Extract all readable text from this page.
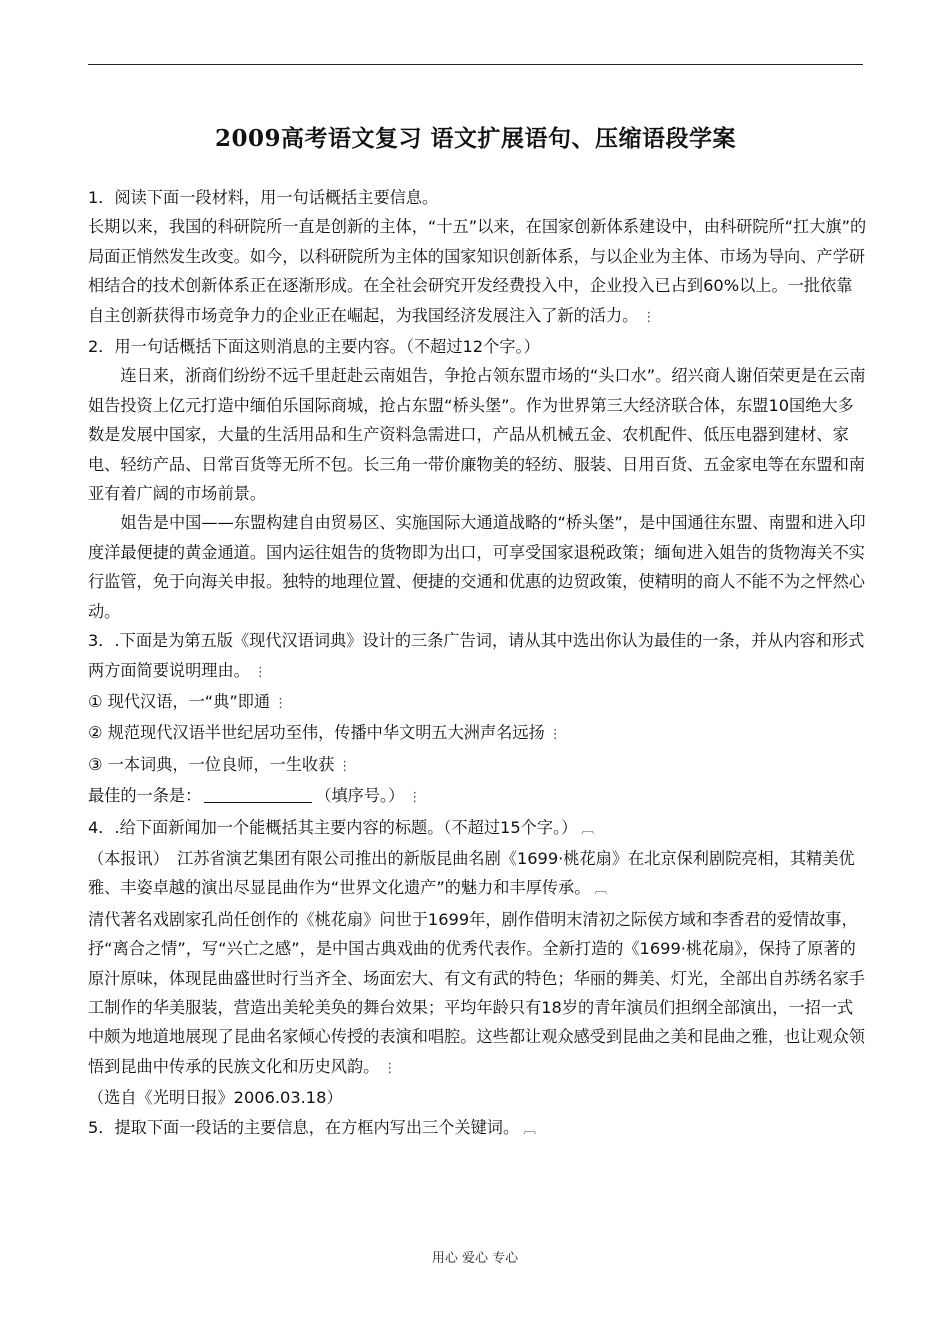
2009高考语文复习 语文扩展语句、压缩语段学案

1．阅读下面一段材料，用一句话概括主要信息。

长期以来，我国的科研院所一直是创新的主体，“十五”以来，在国家创新体系建设中，由科研院所“扛大旗”的局面正悄然发生改变。如今，以科研院所为主体的国家知识创新体系，与以企业为主体、市场为导向、产学研相结合的技术创新体系正在逐渐形成。在全社会研究开发经费投入中，企业投入已占到60%以上。一批依靠自主创新获得市场竞争力的企业正在崛起，为我国经济发展注入了新的活力。 ⋮

2．用一句话概括下面这则消息的主要内容。（不超过12个字。）

连日来，浙商们纷纷不远千里赶赴云南姐告，争抢占领东盟市场的“头口水”。绍兴商人谢佰荣更是在云南姐告投资上亿元打造中缅伯乐国际商城，抢占东盟“桥头堡”。作为世界第三大经济联合体，东盟10国绝大多数是发展中国家，大量的生活用品和生产资料急需进口，产品从机械五金、农机配件、低压电器到建材、家电、轻纺产品、日常百货等无所不包。长三角一带价廉物美的轻纺、服装、日用百货、五金家电等在东盟和南亚有着广阔的市场前景。

姐告是中国——东盟构建自由贸易区、实施国际大通道战略的“桥头堡”，是中国通往东盟、南盟和进入印度洋最便捷的黄金通道。国内运往姐告的货物即为出口，可享受国家退税政策；缅甸进入姐告的货物海关不实行监管，免于向海关申报。独特的地理位置、便捷的交通和优惠的边贸政策，使精明的商人不能不为之怦然心动。

3．.下面是为第五版《现代汉语词典》设计的三条广告词，请从其中选出你认为最佳的一条，并从内容和形式两方面简要说明理由。 ⋮

① 现代汉语，一“典”即通 ⋮

② 规范现代汉语半世纪居功至伟，传播中华文明五大洲声名远扬 ⋮

③ 一本词典，一位良师，一生收获 ⋮

最佳的一条是：	（填序号。） ⋮

4．.给下面新闻加一个能概括其主要内容的标题。（不超过15个字。） ︹

（本报讯）　江苏省演艺集团有限公司推出的新版昆曲名剧《1699·桃花扇》在北京保利剧院亮相，其精美优雅、丰姿卓越的演出尽显昆曲作为“世界文化遗产”的魅力和丰厚传承。 ︹

清代著名戏剧家孔尚任创作的《桃花扇》问世于1699年，剧作借明末清初之际侯方域和李香君的爱情故事，抒“离合之情”，写“兴亡之感”，是中国古典戏曲的优秀代表作。全新打造的《1699·桃花扇》，保持了原著的原汁原味，体现昆曲盛世时行当齐全、场面宏大、有文有武的特色；华丽的舞美、灯光，全部出自苏绣名家手工制作的华美服装，营造出美轮美奂的舞台效果；平均年龄只有18岁的青年演员们担纲全部演出，一招一式中颇为地道地展现了昆曲名家倾心传授的表演和唱腔。这些都让观众感受到昆曲之美和昆曲之雅，也让观众领悟到昆曲中传承的民族文化和历史风韵。 ⋮

（选自《光明日报》2006.03.18）

5．提取下面一段话的主要信息，在方框内写出三个关键词。 ︹

用心 爱心 专心
